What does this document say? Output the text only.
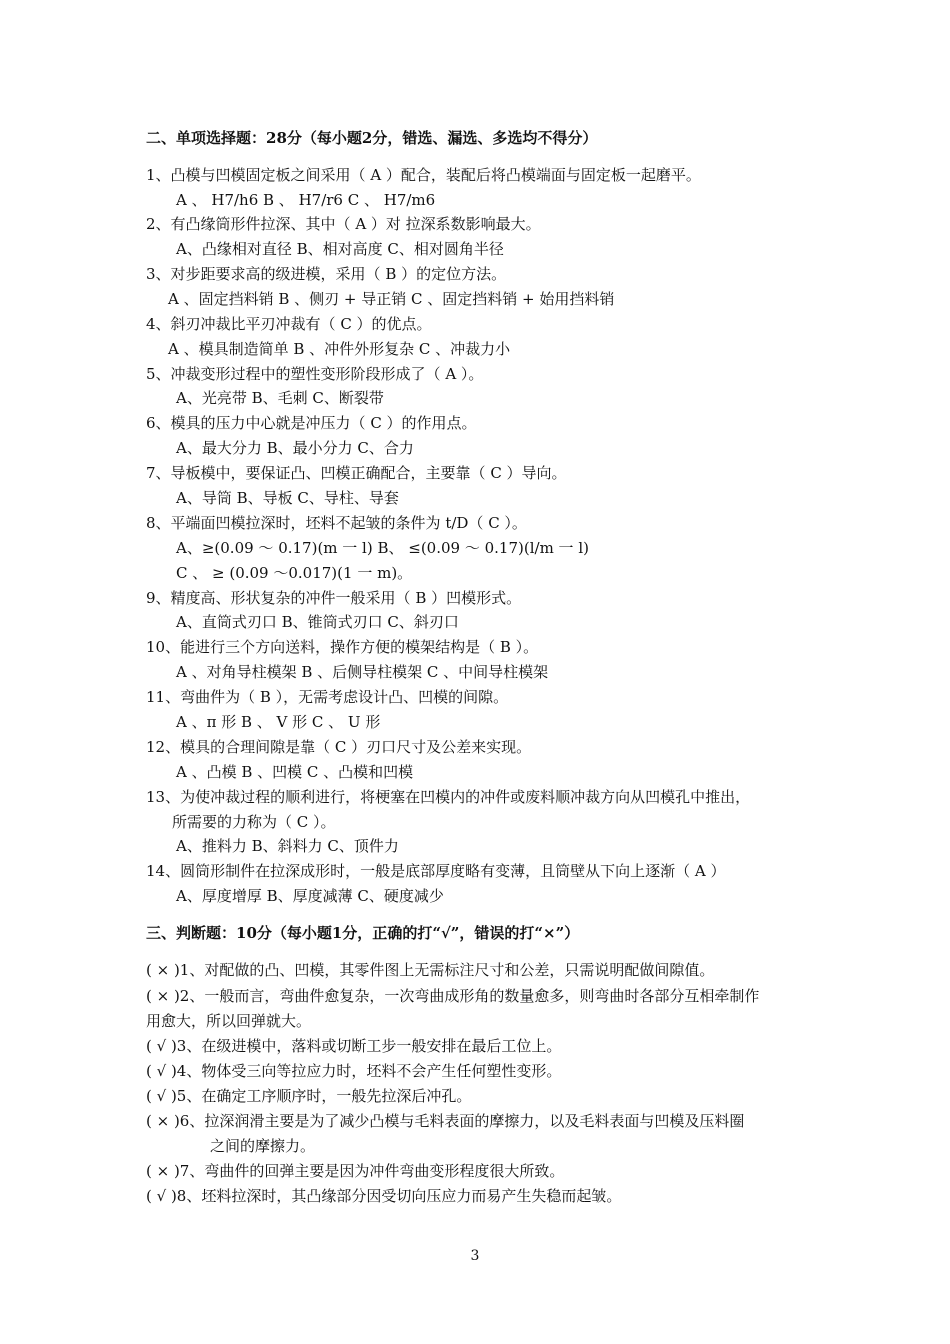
二、单项选择题：28分（每小题2分，错选、漏选、多选均不得分）
1、凸模与凹模固定板之间采用（ A ）配合，装配后将凸模端面与固定板一起磨平。
A 、 H7/h6 B 、 H7/r6 C 、 H7/m6
2、有凸缘筒形件拉深、其中（ A ）对 拉深系数影响最大。
A、凸缘相对直径 B、相对高度 C、相对圆角半径
3、对步距要求高的级进模，采用（ B ）的定位方法。
A 、固定挡料销 B 、侧刃 + 导正销 C 、固定挡料销 + 始用挡料销
4、斜刃冲裁比平刃冲裁有（ C ）的优点。
A 、模具制造简单 B 、冲件外形复杂 C 、冲裁力小
5、冲裁变形过程中的塑性变形阶段形成了（ A ）。
A、光亮带 B、毛刺 C、断裂带
6、模具的压力中心就是冲压力（ C ）的作用点。
A、最大分力 B、最小分力 C、合力
7、导板模中，要保证凸、凹模正确配合，主要靠（ C ）导向。
A、导筒 B、导板 C、导柱、导套
8、平端面凹模拉深时，坯料不起皱的条件为 t/D（ C ）。
A、≥(0.09 ～ 0.17)(m 一 l) B、 ≤(0.09 ～ 0.17)(l/m 一 l)
C 、 ≥ (0.09 ～0.017)(1 一 m)。
9、精度高、形状复杂的冲件一般采用（ B ）凹模形式。
A、直筒式刃口 B、锥筒式刃口 C、斜刃口
10、能进行三个方向送料，操作方便的模架结构是（ B ）。
A 、对角导柱模架 B 、后侧导柱模架 C 、中间导柱模架
11、弯曲件为（ B ），无需考虑设计凸、凹模的间隙。
A 、π 形 B 、 V 形 C 、 U 形
12、模具的合理间隙是靠（ C ）刃口尺寸及公差来实现。
A 、凸模 B 、凹模 C 、凸模和凹模
13、为使冲裁过程的顺利进行，将梗塞在凹模内的冲件或废料顺冲裁方向从凹模孔中推出，
所需要的力称为（ C ）。
A、推料力 B、斜料力 C、顶件力
14、圆筒形制件在拉深成形时，一般是底部厚度略有变薄，且筒壁从下向上逐渐（ A ）
A、厚度增厚 B、厚度减薄 C、硬度减少
三、判断题：10分（每小题1分，正确的打“√”，错误的打“×”）
( × )1、对配做的凸、凹模，其零件图上无需标注尺寸和公差，只需说明配做间隙值。
( × )2、一般而言，弯曲件愈复杂，一次弯曲成形角的数量愈多，则弯曲时各部分互相牵制作
用愈大，所以回弹就大。
( √ )3、在级进模中，落料或切断工步一般安排在最后工位上。
( √ )4、物体受三向等拉应力时，坯料不会产生任何塑性变形。
( √ )5、在确定工序顺序时，一般先拉深后冲孔。
( × )6、拉深润滑主要是为了减少凸模与毛料表面的摩擦力，以及毛料表面与凹模及压料圈
之间的摩擦力。
( × )7、弯曲件的回弹主要是因为冲件弯曲变形程度很大所致。
( √ )8、坯料拉深时，其凸缘部分因受切向压应力而易产生失稳而起皱。
3
